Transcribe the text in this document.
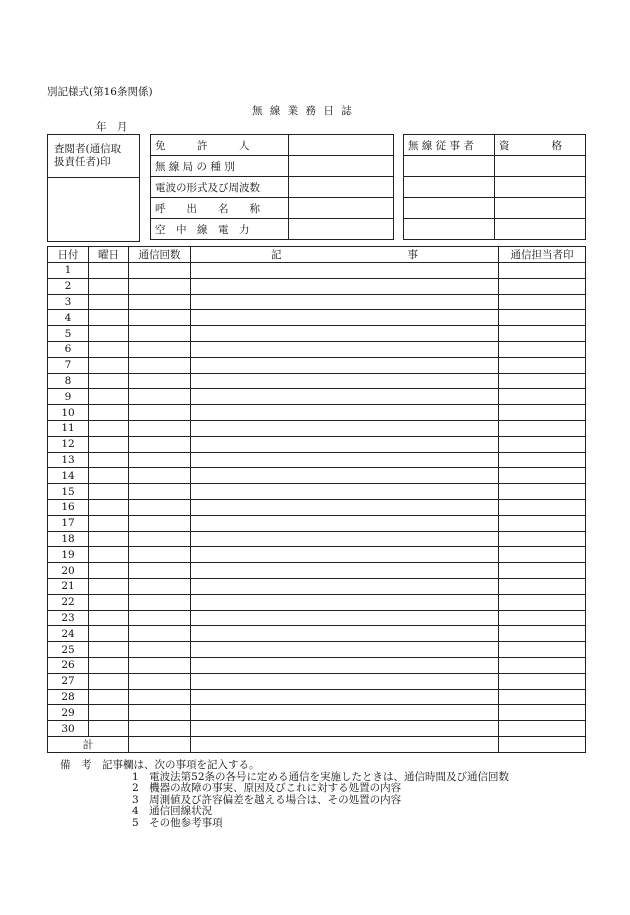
別記様式(第16条関係)
無 線 業 務 日 誌
年　月
査閲者(通信取
扱責任者)印
免　　　許　　　人	
無 線 局 の 種 別	
電波の形式及び周波数	
呼　　出　　名　　称	
空　中　線　電　力	
無 線 従 事 者	資　　　　格

日付	曜日	通信回数	記　　　　　　　　　　　　事	通信担当者印
1				
2				
3				
4				
5				
6				
7				
8				
9				
10				
11				
12				
13				
14				
15				
16				
17				
18				
19				
20				
21				
22				
23				
24				
25				
26				
27				
28				
29				
30				
計				
備　考　記事欄は、次の事項を記入する。
1　電波法第52条の各号に定める通信を実施したときは、通信時間及び通信回数
2　機器の故障の事実、原因及びこれに対する処置の内容
3　周測値及び許容偏差を越える場合は、その処置の内容
4　通信回線状況
5　その他参考事項
